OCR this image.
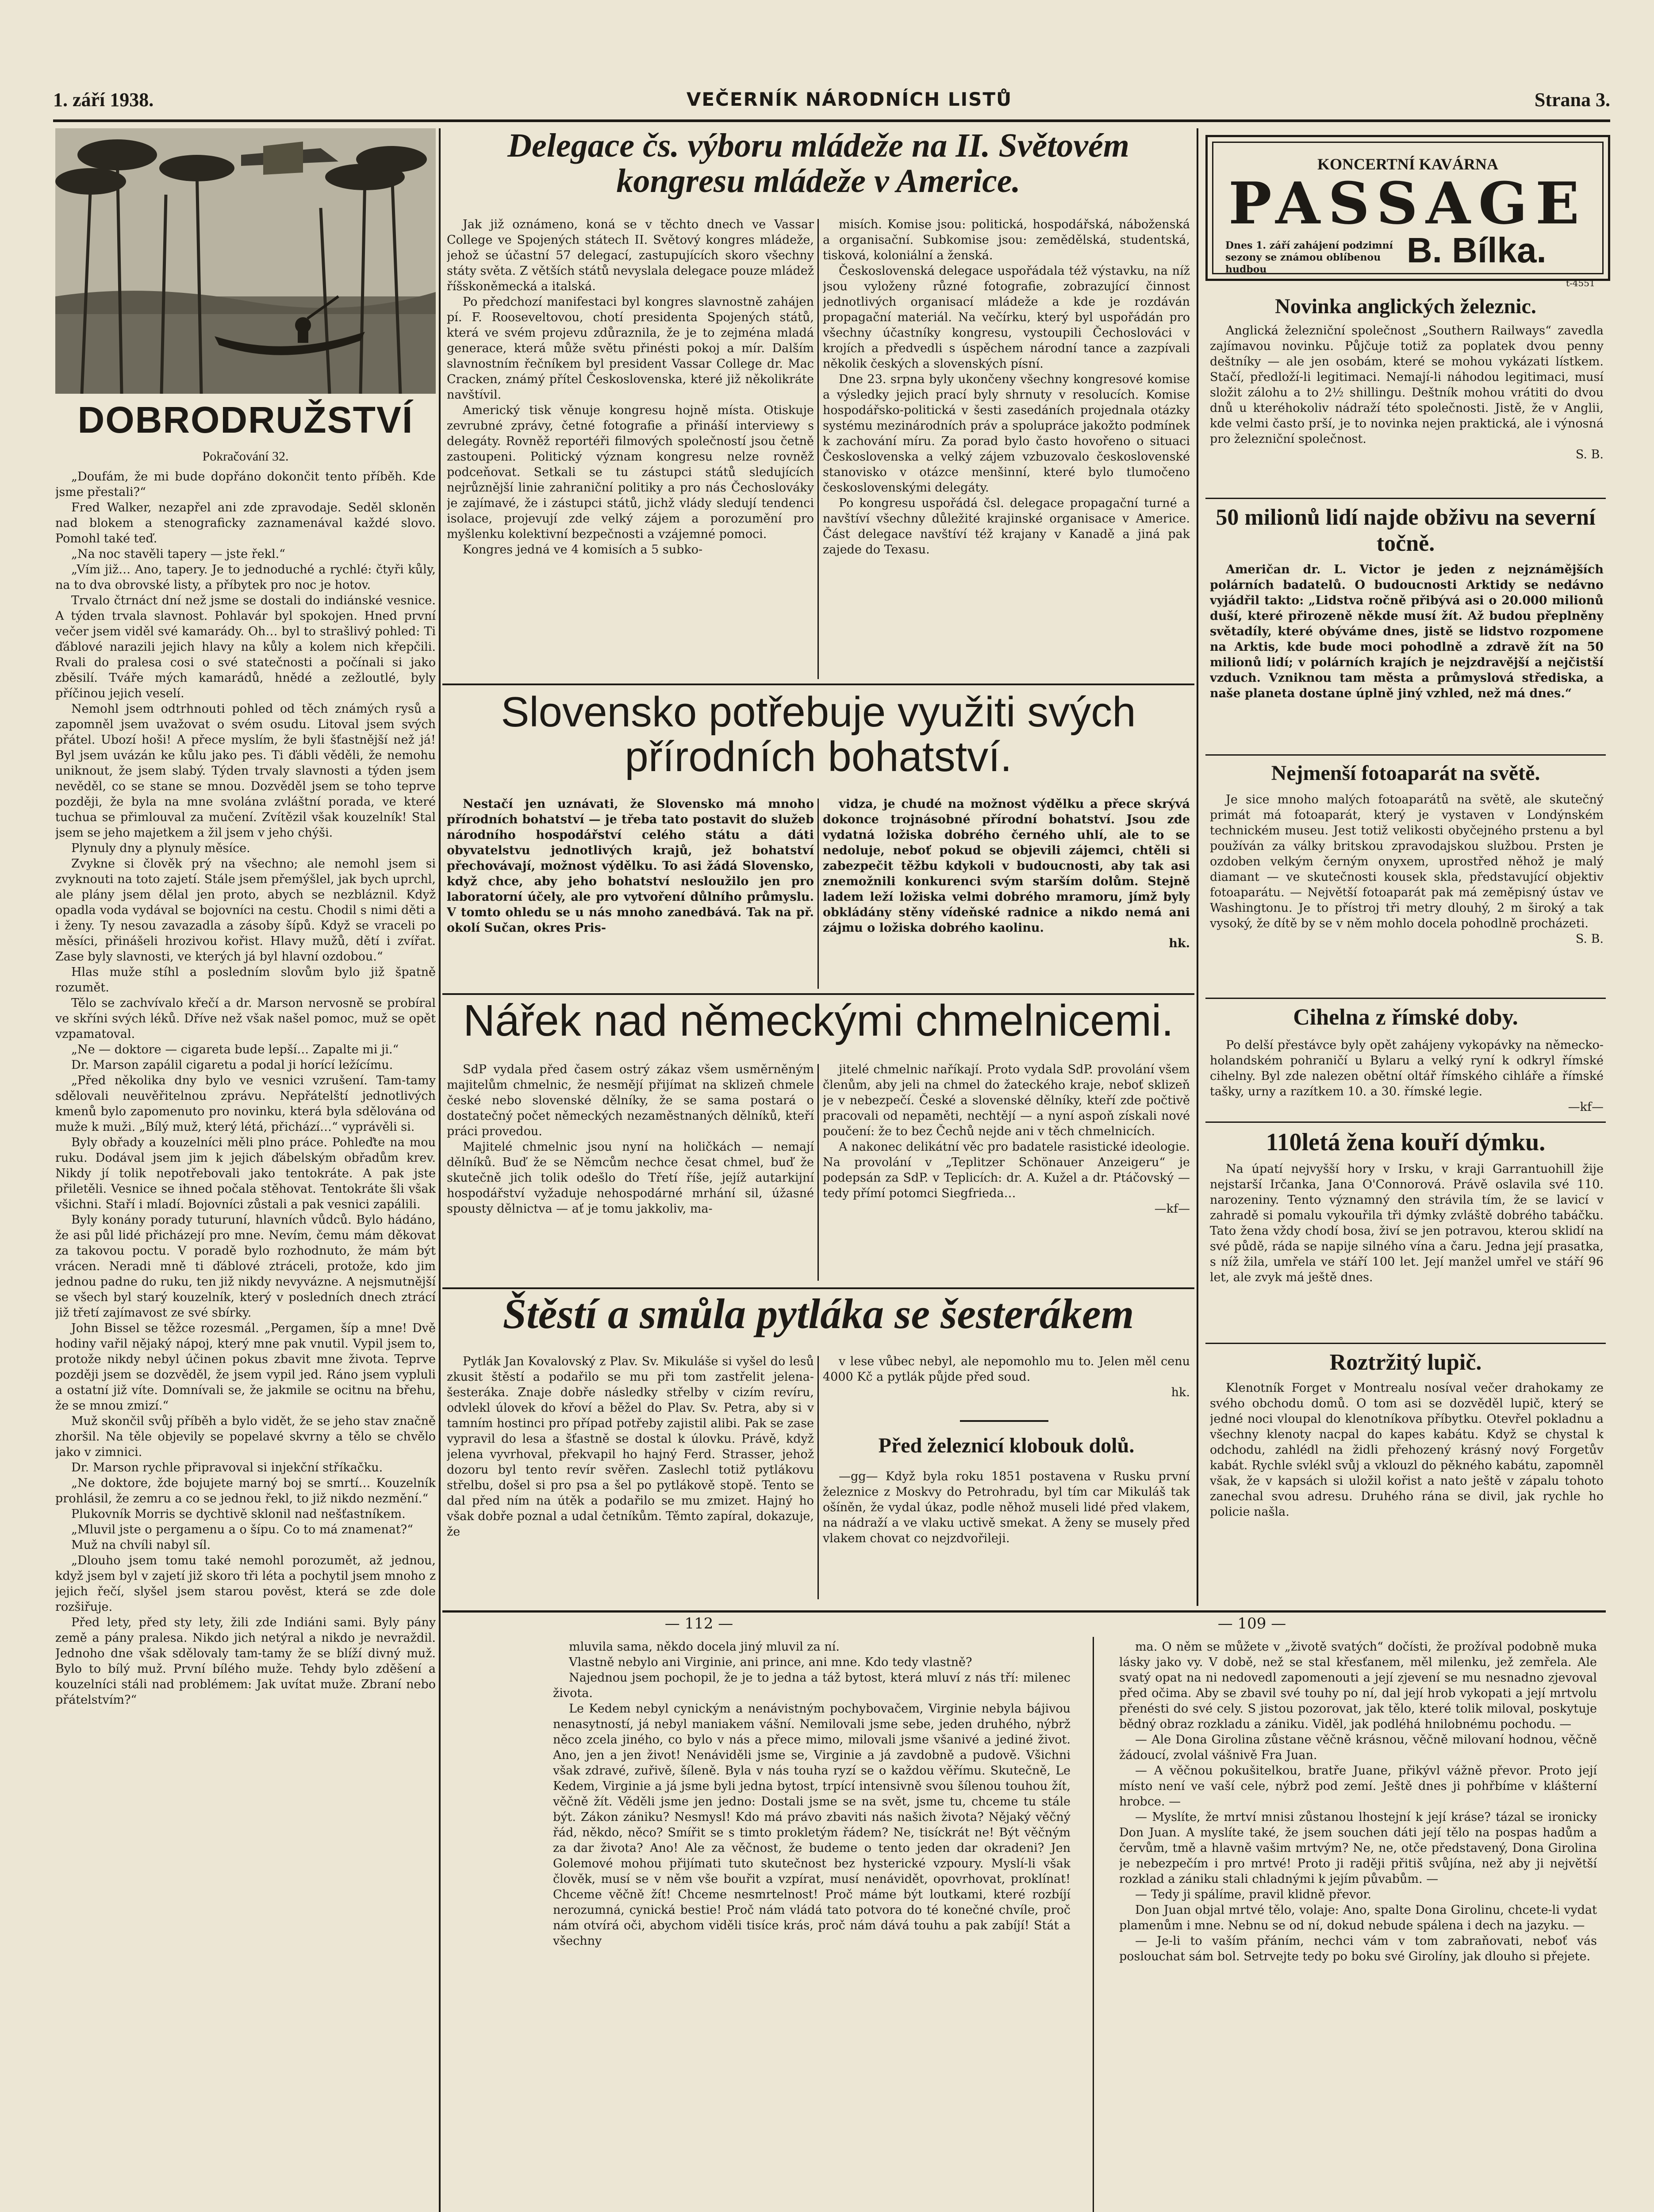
1. září 1938.	VEČERNÍK NÁRODNÍCH LISTŮ	Strana 3.
DOBRODRUŽSTVÍ
Pokračování 32.

„Doufám, že mi bude dopřáno dokončit tento příběh. Kde jsme přestali?“

Fred Walker, nezapřel ani zde zpravodaje. Seděl skloněn nad blokem a stenograficky zaznamenával každé slovo. Pomohl také teď.

„Na noc stavěli tapery — jste řekl.“

„Vím již… Ano, tapery. Je to jednoduché a rychlé: čtyři kůly, na to dva obrovské listy, a příbytek pro noc je hotov.

Trvalo čtrnáct dní než jsme se dostali do indiánské vesnice. A týden trvala slavnost. Pohlavár byl spokojen. Hned první večer jsem viděl své kamarády. Oh… byl to strašlivý pohled: Ti ďáblové narazili jejich hlavy na kůly a kolem nich křepčili. Rvali do pralesa cosi o své statečnosti a počínali si jako zběsilí. Tváře mých kamarádů, hnědé a zežloutlé, byly příčinou jejich veselí.

Nemohl jsem odtrhnouti pohled od těch známých rysů a zapomněl jsem uvažovat o svém osudu. Litoval jsem svých přátel. Ubozí hoši! A přece myslím, že byli šťastnější než já! Byl jsem uvázán ke kůlu jako pes. Ti ďábli věděli, že nemohu uniknout, že jsem slabý. Týden trvaly slavnosti a týden jsem nevěděl, co se stane se mnou. Dozvěděl jsem se toho teprve později, že byla na mne svolána zvláštní porada, ve které tuchua se přimlouval za mučení. Zvítězil však kouzelník! Stal jsem se jeho majetkem a žil jsem v jeho chýši.

Plynuly dny a plynuly měsíce.

Zvykne si člověk prý na všechno; ale nemohl jsem si zvyknouti na toto zajetí. Stále jsem přemýšlel, jak bych uprchl, ale plány jsem dělal jen proto, abych se nezbláznil. Když opadla voda vydával se bojovníci na cestu. Chodil s nimi děti a i ženy. Ty nesou zavazadla a zásoby šípů. Když se vraceli po měsíci, přinášeli hrozivou kořist. Hlavy mužů, dětí i zvířat. Zase byly slavnosti, ve kterých já byl hlavní ozdobou.“

Hlas muže stíhl a posledním slovům bylo již špatně rozumět.

Tělo se zachvívalo křečí a dr. Marson nervosně se probíral ve skříni svých léků. Dříve než však našel pomoc, muž se opět vzpamatoval.

„Ne — doktore — cigareta bude lepší… Zapalte mi ji.“

Dr. Marson zapálil cigaretu a podal ji horící ležícímu.

„Před několika dny bylo ve vesnici vzrušení. Tam-tamy sdělovali neuvěřitelnou zprávu. Nepřátelští jednotlivých kmenů bylo zapomenuto pro novinku, která byla sdělována od muže k muži. „Bílý muž, který létá, přichází…“ vyprávěli si.

Byly obřady a kouzelníci měli plno práce. Pohleďte na mou ruku. Dodával jsem jim k jejich ďábelským obřadům krev. Nikdy jí tolik nepotřebovali jako tentokráte. A pak jste přiletěli. Vesnice se ihned počala stěhovat. Tentokráte šli však všichni. Staří i mladí. Bojovníci zůstali a pak vesnici zapálili.

Byly konány porady tuturuní, hlavních vůdců. Bylo hádáno, že asi půl lidé přicházejí pro mne. Nevím, čemu mám děkovat za takovou poctu. V poradě bylo rozhodnuto, že mám být vrácen. Neradi mně ti ďáblové ztráceli, protože, kdo jim jednou padne do ruku, ten již nikdy nevyvázne. A nejsmutnější se všech byl starý kouzelník, který v posledních dnech ztrácí již třetí zajímavost ze své sbírky.

John Bissel se těžce rozesmál. „Pergamen, šíp a mne! Dvě hodiny vařil nějaký nápoj, který mne pak vnutil. Vypil jsem to, protože nikdy nebyl účinen pokus zbavit mne života. Teprve později jsem se dozvěděl, že jsem vypil jed. Ráno jsem vypluli a ostatní již víte. Domnívali se, že jakmile se ocitnu na břehu, že se mnou zmizí.“

Muž skončil svůj příběh a bylo vidět, že se jeho stav značně zhoršil. Na těle objevily se popelavé skvrny a tělo se chvělo jako v zimnici.

Dr. Marson rychle připravoval si injekční stříkačku.

„Ne doktore, žde bojujete marný boj se smrtí… Kouzelník prohlásil, že zemru a co se jednou řekl, to již nikdo nezmění.“

Plukovník Morris se dychtivě sklonil nad nešťastníkem.

„Mluvil jste o pergamenu a o šípu. Co to má znamenat?“

Muž na chvíli nabyl síl.

„Dlouho jsem tomu také nemohl porozumět, až jednou, když jsem byl v zajetí již skoro tři léta a pochytil jsem mnoho z jejich řečí, slyšel jsem starou pověst, která se zde dole rozšiřuje.

Před lety, před sty lety, žili zde Indiáni sami. Byly pány země a pány pralesa. Nikdo jich netýral a nikdo je nevraždil. Jednoho dne však sdělovaly tam-tamy že se blíží divný muž. Bylo to bílý muž. První bílého muže. Tehdy bylo zděšení a kouzelníci stáli nad problémem: Jak uvítat muže. Zbraní nebo přátelstvím?“

Delegace čs. výboru mládeže na II. Světovém kongresu mládeže v Americe.

Jak již oznámeno, koná se v těchto dnech ve Vassar College ve Spojených státech II. Světový kongres mládeže, jehož se účastní 57 delegací, zastupujících skoro všechny státy světa. Z větších států nevyslala delegace pouze mládež říšskoněmecká a italská.

Po předchozí manifestaci byl kongres slavnostně zahájen pí. F. Rooseveltovou, chotí presidenta Spojených států, která ve svém projevu zdůraznila, že je to zejména mladá generace, která může světu přinésti pokoj a mír. Dalším slavnostním řečníkem byl president Vassar College dr. Mac Cracken, známý přítel Československa, které již několikráte navštívil.

Americký tisk věnuje kongresu hojně místa. Otiskuje zevrubné zprávy, četné fotografie a přináší interviewy s delegáty. Rovněž reportéři filmových společností jsou četně zastoupeni. Politický význam kongresu nelze rovněž podceňovat. Setkali se tu zástupci států sledujících nejrůznější linie zahraniční politiky a pro nás Čechoslováky je zajímavé, že i zástupci států, jichž vlády sledují tendenci isolace, projevují zde velký zájem a porozumění pro myšlenku kolektivní bezpečnosti a vzájemné pomoci.

Kongres jedná ve 4 komisích a 5 subko-

misích. Komise jsou: politická, hospodářská, náboženská a organisační. Subkomise jsou: zemědělská, studentská, tisková, koloniální a ženská.

Československá delegace uspořádala též výstavku, na níž jsou vyloženy různé fotografie, zobrazující činnost jednotlivých organisací mládeže a kde je rozdáván propagační materiál. Na večírku, který byl uspořádán pro všechny účastníky kongresu, vystoupili Čechoslováci v krojích a předvedli s úspěchem národní tance a zazpívali několik českých a slovenských písní.

Dne 23. srpna byly ukončeny všechny kongresové komise a výsledky jejich prací byly shrnuty v resolucích. Komise hospodářsko-politická v šesti zasedáních projednala otázky systému mezinárodních práv a spolupráce jakožto podmínek k zachování míru. Za porad bylo často hovořeno o situaci Československa a velký zájem vzbuzovalo československé stanovisko v otázce menšinní, které bylo tlumočeno československými delegáty.

Po kongresu uspořádá čsl. delegace propagační turné a navštíví všechny důležité krajinské organisace v Americe. Část delegace navštíví též krajany v Kanadě a jiná pak zajede do Texasu.

Slovensko potřebuje využiti svých přírodních bohatství.

Nestačí jen uznávati, že Slovensko má mnoho přírodních bohatství — je třeba tato postavit do služeb národního hospodářství celého státu a dáti obyvatelstvu jednotlivých krajů, jež bohatství přechovávají, možnost výdělku. To asi žádá Slovensko, když chce, aby jeho bohatství nesloužilo jen pro laboratorní účely, ale pro vytvoření důlního průmyslu. V tomto ohledu se u nás mnoho zanedbává. Tak na př. okolí Sučan, okres Pris-

vidza, je chudé na možnost výdělku a přece skrývá dokonce trojnásobné přírodní bohatství. Jsou zde vydatná ložiska dobrého černého uhlí, ale to se nedoluje, neboť pokud se objevili zájemci, chtěli si zabezpečit těžbu kdykoli v budoucnosti, aby tak asi znemožnili konkurenci svým starším dolům. Stejně ladem leží ložiska velmi dobrého mramoru, jímž byly obkládány stěny vídeňské radnice a nikdo nemá ani zájmu o ložiska dobrého kaolinu.

hk.
Nářek nad německými chmelnicemi.

SdP vydala před časem ostrý zákaz všem usměrněným majitelům chmelnic, že nesmějí přijímat na sklizeň chmele české nebo slovenské dělníky, že se sama postará o dostatečný počet německých nezaměstnaných dělníků, kteří práci provedou.

Majitelé chmelnic jsou nyní na holičkách — nemají dělníků. Buď že se Němcům nechce česat chmel, buď že skutečně jich tolik odešlo do Třetí říše, jejíž autarkijní hospodářství vyžaduje nehospodárné mrhání sil, úžasné spousty dělnictva — ať je tomu jakkoliv, ma-

jitelé chmelnic naříkají. Proto vydala SdP. provolání všem členům, aby jeli na chmel do žateckého kraje, neboť sklizeň je v nebezpečí. České a slovenské dělníky, kteří zde počtivě pracovali od nepaměti, nechtějí — a nyní aspoň získali nové poučení: že to bez Čechů nejde ani v těch chmelnicích.

A nakonec delikátní věc pro badatele rasistické ideologie. Na provolání v „Teplitzer Schönauer Anzeigeru“ je podepsán za SdP. v Teplicích: dr. A. Kužel a dr. Ptáčovský — tedy přímí potomci Siegfrieda…

—kf—
Štěstí a smůla pytláka se šesterákem

Pytlák Jan Kovalovský z Plav. Sv. Mikuláše si vyšel do lesů zkusit štěstí a podařilo se mu při tom zastřelit jelena-šesteráka. Znaje dobře následky střelby v cizím revíru, odvlekl úlovek do křoví a běžel do Plav. Sv. Petra, aby si v tamním hostinci pro případ potřeby zajistil alibi. Pak se zase vypravil do lesa a šťastně se dostal k úlovku. Právě, když jelena vyvrhoval, překvapil ho hajný Ferd. Strasser, jehož dozoru byl tento revír svěřen. Zaslechl totiž pytlákovu střelbu, došel si pro psa a šel po pytlákově stopě. Tento se dal před ním na útěk a podařilo se mu zmizet. Hajný ho však dobře poznal a udal četníkům. Těmto zapíral, dokazuje, že

v lese vůbec nebyl, ale nepomohlo mu to. Jelen měl cenu 4000 Kč a pytlák půjde před soud.

hk.
Před železnicí klobouk dolů.

—gg— Když byla roku 1851 postavena v Rusku první železnice z Moskvy do Petrohradu, byl tím car Mikuláš tak ošíněn, že vydal úkaz, podle něhož museli lidé před vlakem, na nádraží a ve vlaku uctivě smekat. A ženy se musely před vlakem chovat co nejzdvořileji.

KONCERTNÍ KAVÁRNA
PASSAGE
Dnes 1. září zahájení podzimní sezony se známou oblíbenou hudbou	B. Bílka.
t-4551
Novinka anglických železnic.

Anglická železniční společnost „Southern Railways“ zavedla zajímavou novinku. Půjčuje totiž za poplatek dvou penny deštníky — ale jen osobám, které se mohou vykázati lístkem. Stačí, předloží-li legitimaci. Nemají-li náhodou legitimaci, musí složit zálohu a to 2½ shillingu. Deštník mohou vrátiti do dvou dnů u kteréhokoliv nádraží této společnosti. Jistě, že v Anglii, kde velmi často prší, je to novinka nejen praktická, ale i výnosná pro železniční společnost.

S. B.
50 milionů lidí najde obživu na severní točně.

Američan dr. L. Victor je jeden z nejznámějších polárních badatelů. O budoucnosti Arktidy se nedávno vyjádřil takto: „Lidstva ročně přibývá asi o 20.000 milionů duší, které přirozeně někde musí žít. Až budou přeplněny světadíly, které obýváme dnes, jistě se lidstvo rozpomene na Arktis, kde bude moci pohodlně a zdravě žít na 50 milionů lidí; v polárních krajích je nejzdravější a nejčistší vzduch. Vzniknou tam města a průmyslová střediska, a naše planeta dostane úplně jiný vzhled, než má dnes.“

Nejmenší fotoaparát na světě.

Je sice mnoho malých fotoaparátů na světě, ale skutečný primát má fotoaparát, který je vystaven v Londýnském technickém museu. Jest totiž velikosti obyčejného prstenu a byl používán za války britskou zpravodajskou službou. Prsten je ozdoben velkým černým onyxem, uprostřed něhož je malý diamant — ve skutečnosti kousek skla, představující objektiv fotoaparátu. — Největší fotoaparát pak má zeměpisný ústav ve Washingtonu. Je to přístroj tři metry dlouhý, 2 m široký a tak vysoký, že dítě by se v něm mohlo docela pohodlně procházeti.

S. B.
Cihelna z římské doby.

Po delší přestávce byly opět zahájeny vykopávky na německo-holandském pohraničí u Bylaru a velký ryní k odkryl římské cihelny. Byl zde nalezen obětní oltář římského cihláře a římské tašky, urny a razítkem 10. a 30. římské legie.

—kf—
110letá žena kouří dýmku.

Na úpatí nejvyšší hory v Irsku, v kraji Garrantuohill žije nejstarší Irčanka, Jana O'Connorová. Právě oslavila své 110. narozeniny. Tento významný den strávila tím, že se lavicí v zahradě si pomalu vykouřila tři dýmky zvláště dobrého tabáčku. Tato žena vždy chodí bosa, živí se jen potravou, kterou sklidí na své půdě, ráda se napije silného vína a čaru. Jedna její prasatka, s níž žila, umřela ve stáří 100 let. Její manžel umřel ve stáří 96 let, ale zvyk má ještě dnes.

Roztržitý lupič.

Klenotník Forget v Montrealu nosíval večer drahokamy ze svého obchodu domů. O tom asi se dozvěděl lupič, který se jedné noci vloupal do klenotníkova příbytku. Otevřel pokladnu a všechny klenoty nacpal do kapes kabátu. Když se chystal k odchodu, zahlédl na židli přehozený krásný nový Forgetův kabát. Rychle svlékl svůj a vklouzl do pěkného kabátu, zapomněl však, že v kapsách si uložil kořist a nato ještě v zápalu tohoto zanechal svou adresu. Druhého rána se divil, jak rychle ho policie našla.

— 112 —	— 109 —

mluvila sama, někdo docela jiný mluvil za ní.

Vlastně nebylo ani Virginie, ani prince, ani mne. Kdo tedy vlastně?

Najednou jsem pochopil, že je to jedna a táž bytost, která mluví z nás tří: milenec života.

Le Kedem nebyl cynickým a nenávistným pochybovačem, Virginie nebyla bájivou nenasytností, já nebyl maniakem vášní. Nemilovali jsme sebe, jeden druhého, nýbrž něco zcela jiného, co bylo v nás a přece mimo, milovali jsme všanivé a jediné život. Ano, jen a jen život! Nenáviděli jsme se, Virginie a já zavdobně a pudově. Všichni však zdravé, zuřivě, šíleně. Byla v nás touha ryzí se o každou věřímu. Skutečně, Le Kedem, Virginie a já jsme byli jedna bytost, trpící intensivně svou šílenou touhou žít, věčně žít. Věděli jsme jen jedno: Dostali jsme se na svět, jsme tu, chceme tu stále být. Zákon zániku? Nesmysl! Kdo má právo zbaviti nás našich života? Nějaký věčný řád, někdo, něco? Smířit se s timto prokletým řádem? Ne, tisíckrát ne! Být věčným za dar života? Ano! Ale za věčnost, že budeme o tento jeden dar okradeni? Jen Golemové mohou přijímati tuto skutečnost bez hysterické vzpoury. Myslí-li však člověk, musí se v něm vše bouřit a vzpírat, musí nenávidět, opovrhovat, proklínat! Chceme věčně žít! Chceme nesmrtelnost! Proč máme být loutkami, které rozbíjí nerozumná, cynická bestie! Proč nám vládá tato potvora do té konečné chvíle, proč nám otvírá oči, abychom viděli tisíce krás, proč nám dává touhu a pak zabíjí! Stát a všechny

ma. O něm se můžete v „životě svatých“ dočísti, že prožíval podobně muka lásky jako vy. V době, než se stal křesťanem, měl milenku, jež zemřela. Ale svatý opat na ni nedovedl zapomenouti a její zjevení se mu nesnadno zjevoval před očima. Aby se zbavil své touhy po ní, dal její hrob vykopati a její mrtvolu přenésti do své cely. S jistou pozorovat, jak tělo, které tolik miloval, poskytuje bědný obraz rozkladu a zániku. Viděl, jak podléhá hnilobnému pochodu. —

— Ale Dona Girolina zůstane věčně krásnou, věčně milovaní hodnou, věčně žádoucí, zvolal vášnivě Fra Juan.

— A věčnou pokušitelkou, bratře Juane, přikývl vážně převor. Proto její místo není ve vaší cele, nýbrž pod zemí. Ještě dnes ji pohřbíme v klášterní hrobce. —

— Myslíte, že mrtví mnisi zůstanou lhostejní k její kráse? tázal se ironicky Don Juan. A myslíte také, že jsem souchen dáti její tělo na pospas hadům a červům, tmě a hlavně vašim mrtvým? Ne, ne, otče představený, Dona Girolina je nebezpečím i pro mrtvé! Proto ji raději přitiš svůjína, než aby ji největší rozklad a zániku stali chladnými k jejím půvabům. —

— Tedy ji spálíme, pravil klidně převor.

Don Juan objal mrtvé tělo, volaje: Ano, spalte Dona Girolinu, chcete-li vydat plamenům i mne. Nebnu se od ní, dokud nebude spálena i dech na jazyku. —

— Je-li to vaším přáním, nechci vám v tom zabraňovati, neboť vás poslouchat sám bol. Setrvejte tedy po boku své Girolíny, jak dlouho si přejete.
